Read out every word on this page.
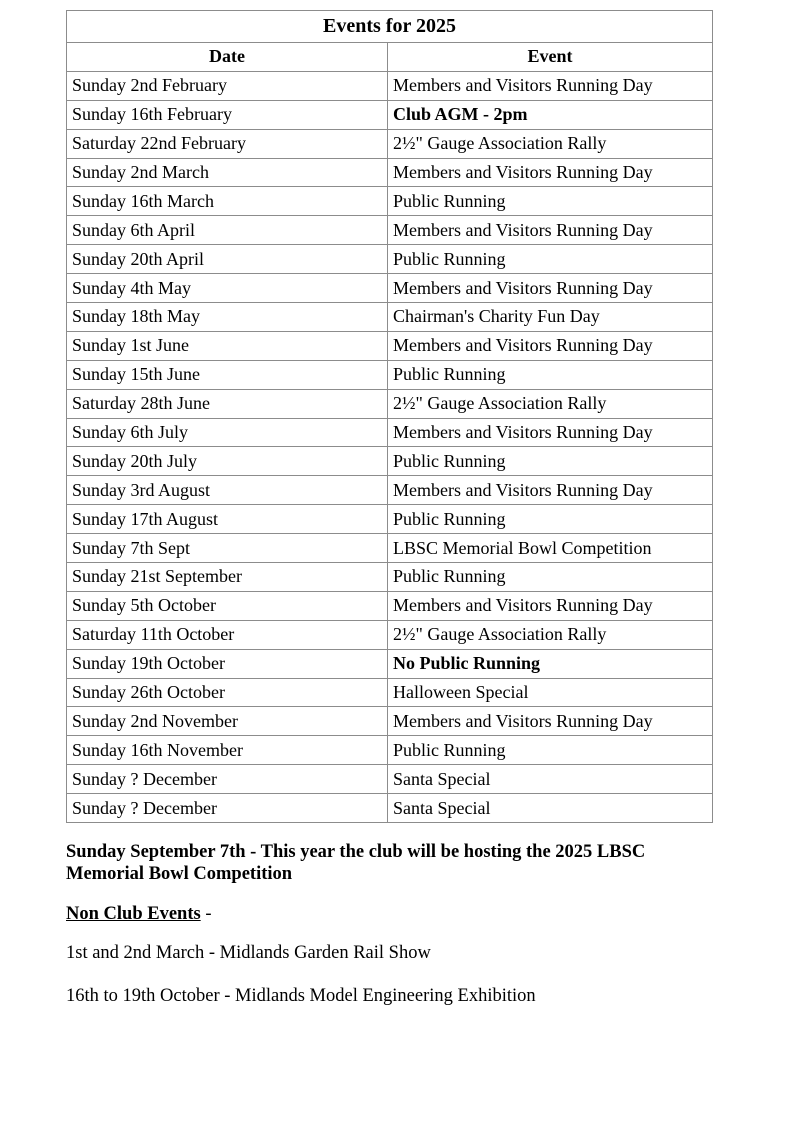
Events for 2025	
Date	Event
Sunday 2nd February	Members and Visitors Running Day
Sunday 16th February	Club AGM - 2pm
Saturday 22nd February	2½" Gauge Association Rally
Sunday 2nd March	Members and Visitors Running Day
Sunday 16th March	Public Running
Sunday 6th April	Members and Visitors Running Day
Sunday 20th April	Public Running
Sunday 4th May	Members and Visitors Running Day
Sunday 18th May	Chairman's Charity Fun Day
Sunday 1st June	Members and Visitors Running Day
Sunday 15th June	Public Running
Saturday 28th June	2½" Gauge Association Rally
Sunday 6th July	Members and Visitors Running Day
Sunday 20th July	Public Running
Sunday 3rd August	Members and Visitors Running Day
Sunday 17th August	Public Running
Sunday 7th Sept	LBSC Memorial Bowl Competition
Sunday 21st September	Public Running
Sunday 5th October	Members and Visitors Running Day
Saturday 11th October	2½" Gauge Association Rally
Sunday 19th October	No Public Running
Sunday 26th October	Halloween Special
Sunday 2nd November	Members and Visitors Running Day
Sunday 16th November	Public Running
Sunday ? December	Santa Special
Sunday ? December	Santa Special

Sunday September 7th - This year the club will be hosting the 2025 LBSC Memorial Bowl Competition

Non Club Events -

1st and 2nd March - Midlands Garden Rail Show

16th to 19th October - Midlands Model Engineering Exhibition
